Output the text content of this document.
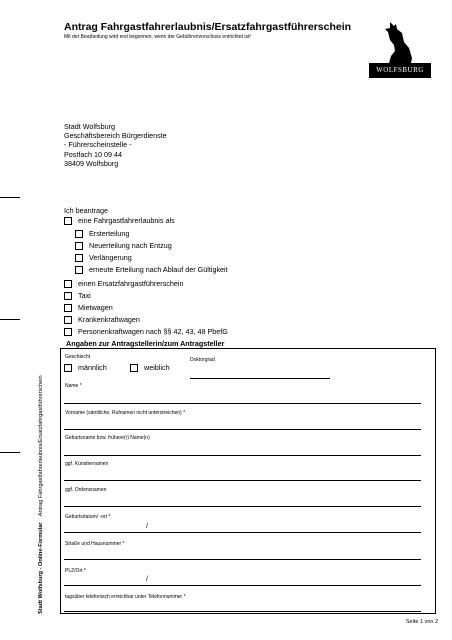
Antrag Fahrgastfahrerlaubnis/Ersatzfahrgastführerschein
Mit der Bearbeitung wird erst begonnen, wenn der Gebührenvorschuss entrichtet ist!
WOLFSBURG
Stadt Wolfsburg
Geschäftsbereich Bürgerdienste
- Führerscheinstelle -
Postfach 10 09 44
38409 Wolfsburg
Stadt Wolfsburg - Online-Formular    Antrag Fahrgastfahrerlaubnis/Ersatzfahrgastführerschein
Ich beantrage
eine Fahrgastfahrerlaubnis als
Ersterteilung
Neuerteilung nach Entzug
Verlängerung
erneute Erteilung nach Ablauf der Gültigkeit
einen Ersatzfahrgastführerschein
Taxi
Mietwagen
Krankenkraftwagen
Personenkraftwagen nach §§ 42, 43, 48 PbefG
Angaben zur Antragstellerin/zum Antragsteller
Geschlecht
männlich	weiblich
Doktorgrad
Name *
Vorname (sämtliche, Rufnamen nicht unterstreichen) *
Geburtsname bzw. frühere(r) Name(n)
ggf. Künstlernamen
ggf. Ordensnamen
Geburtsdatum/ -ort *
/
Straße und Hausnummer *
PLZ/Ort *
/
tagsüber telefonisch erreichbar unter Telefonnummer *
Seite 1 von 2
